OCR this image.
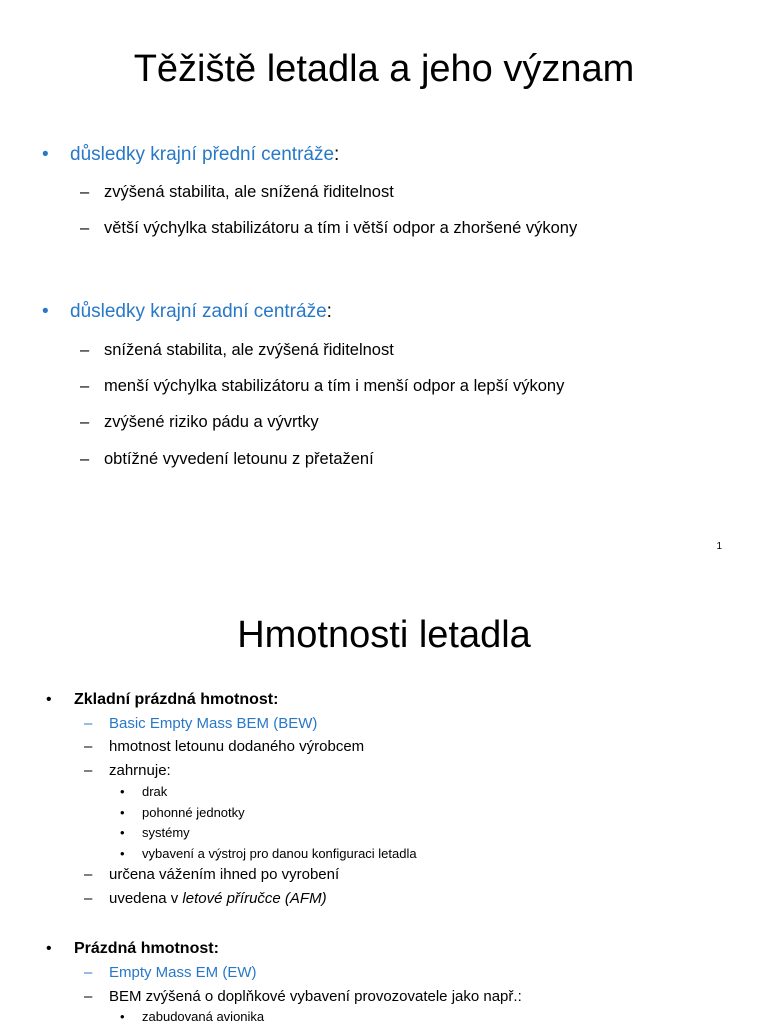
Těžiště letadla a jeho význam
• důsledky krajní přední centráže:
– zvýšená stabilita, ale snížená řiditelnost
– větší výchylka stabilizátoru a tím i větší odpor a zhoršené výkony
• důsledky krajní zadní centráže:
– snížená stabilita, ale zvýšená řiditelnost
– menší výchylka stabilizátoru a tím i menší odpor a lepší výkony
– zvýšené riziko pádu a vývrtky
– obtížné vyvedení letounu z přetažení
1
Hmotnosti letadla
• Zkladní prázdná hmotnost:
– Basic Empty Mass BEM (BEW)
– hmotnost letounu dodaného výrobcem
– zahrnuje:
• drak
• pohonné jednotky
• systémy
• vybavení a výstroj pro danou konfiguraci letadla
– určena vážením ihned po vyrobení
– uvedena v letové příručce (AFM)
• Prázdná hmotnost:
– Empty Mass EM (EW)
– BEM zvýšená o doplňkové vybavení provozovatele jako např.:
• zabudovaná avionika
